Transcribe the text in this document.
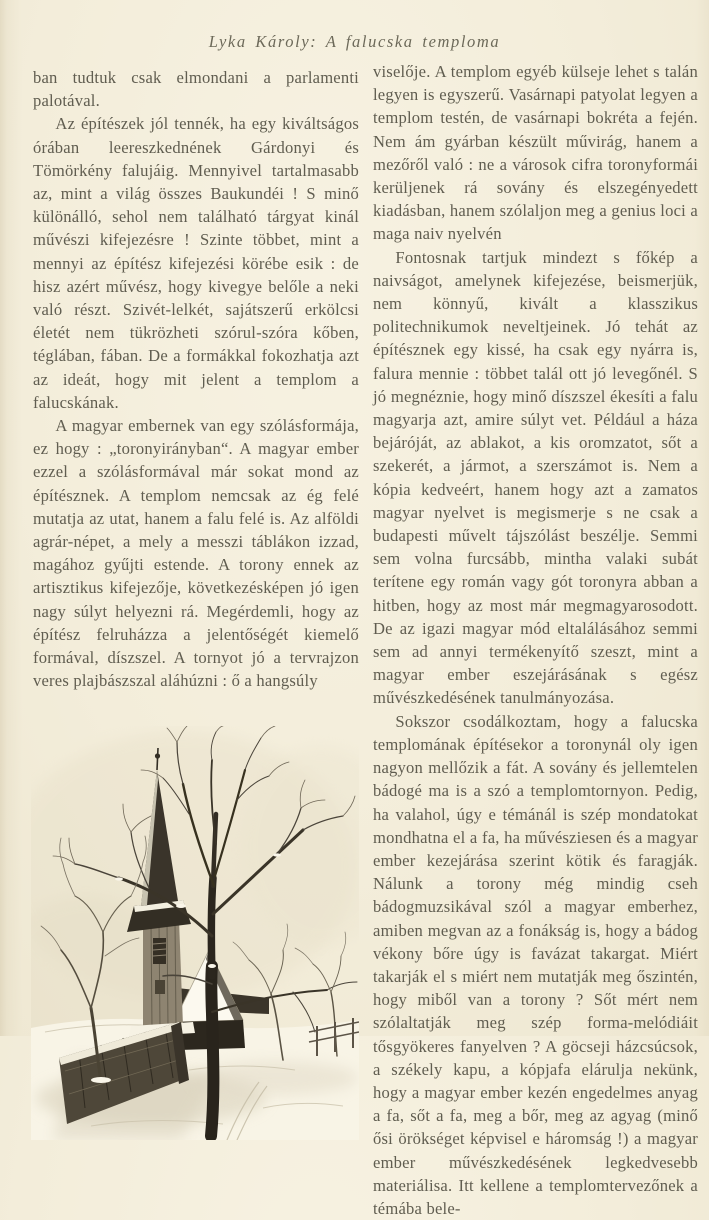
Lyka Károly: A falucska temploma

ban tudtuk csak elmondani a parlamenti palotával.

Az építészek jól tennék, ha egy kiváltságos órában leereszkednének Gárdonyi és Tömörkény falujáig. Mennyivel tartalmasabb az, mint a világ összes Baukundéi ! S minő különálló, sehol nem található tárgyat kinál művészi kifejezésre ! Szinte többet, mint a mennyi az építész kifejezési körébe esik : de hisz azért művész, hogy kivegye belőle a neki való részt. Szivét-lelkét, sajátszerű erkölcsi életét nem tükrözheti szórul-szóra kőben, téglában, fában. De a formákkal fokozhatja azt az ideát, hogy mit jelent a templom a falucskának.

A magyar embernek van egy szólásformája, ez hogy : „toronyirányban“. A magyar ember ezzel a szólásformával már sokat mond az építésznek. A templom nemcsak az ég felé mutatja az utat, hanem a falu felé is. Az alföldi agrár-népet, a mely a messzi táblákon izzad, magához gyűjti estende. A torony ennek az artisztikus kifejezője, következésképen jó igen nagy súlyt helyezni rá. Megérdemli, hogy az építész felruházza a jelentőségét kiemelő formával, díszszel. A tornyot jó a tervrajzon veres plajbászszal aláhúzni : ő a hangsúly

viselője. A templom egyéb külseje lehet s talán legyen is egyszerű. Vasárnapi patyolat legyen a templom testén, de vasárnapi bokréta a fején. Nem ám gyárban készült művirág, hanem a mezőről való : ne a városok cifra toronyformái kerüljenek rá sovány és elszegényedett kiadásban, hanem szólaljon meg a genius loci a maga naiv nyelvén

Fontosnak tartjuk mindezt s főkép a naivságot, amelynek kifejezése, beismerjük, nem könnyű, kivált a klasszikus politechnikumok neveltjeinek. Jó tehát az építésznek egy kissé, ha csak egy nyárra is, falura mennie : többet talál ott jó levegőnél. S jó megnéznie, hogy minő díszszel ékesíti a falu magyarja azt, amire súlyt vet. Például a háza bejáróját, az ablakot, a kis oromzatot, sőt a szekerét, a jármot, a szerszámot is. Nem a kópia kedveért, hanem hogy azt a zamatos magyar nyelvet is megismerje s ne csak a budapesti művelt tájszólást beszélje. Semmi sem volna furcsább, mintha valaki subát terítene egy román vagy gót toronyra abban a hitben, hogy az most már megmagyarosodott. De az igazi magyar mód eltalálásához semmi sem ad annyi termékenyítő szeszt, mint a magyar ember eszejárásának s egész művészkedésének tanulmányozása.

Sokszor csodálkoztam, hogy a falucska templomának építésekor a toronynál oly igen nagyon mellőzik a fát. A sovány és jellemtelen bádogé ma is a szó a templomtornyon. Pedig, ha valahol, úgy e témánál is szép mondatokat mondhatna el a fa, ha művésziesen és a magyar ember kezejárása szerint kötik és faragják. Nálunk a torony még mindig cseh bádogmuzsikával szól a magyar emberhez, amiben megvan az a fonákság is, hogy a bádog vékony bőre úgy is favázat takargat. Miért takarják el s miért nem mutatják meg őszintén, hogy miből van a torony ? Sőt mért nem szólaltatják meg szép forma-melódiáit tősgyökeres fanyelven ? A göcseji házcsúcsok, a székely kapu, a kópjafa elárulja nekünk, hogy a magyar ember kezén engedelmes anyag a fa, sőt a fa, meg a bőr, meg az agyag (minő ősi örökséget képvisel e háromság !) a magyar ember művészkedésének legkedvesebb materiálisa. Itt kellene a templomtervezőnek a témába bele-
